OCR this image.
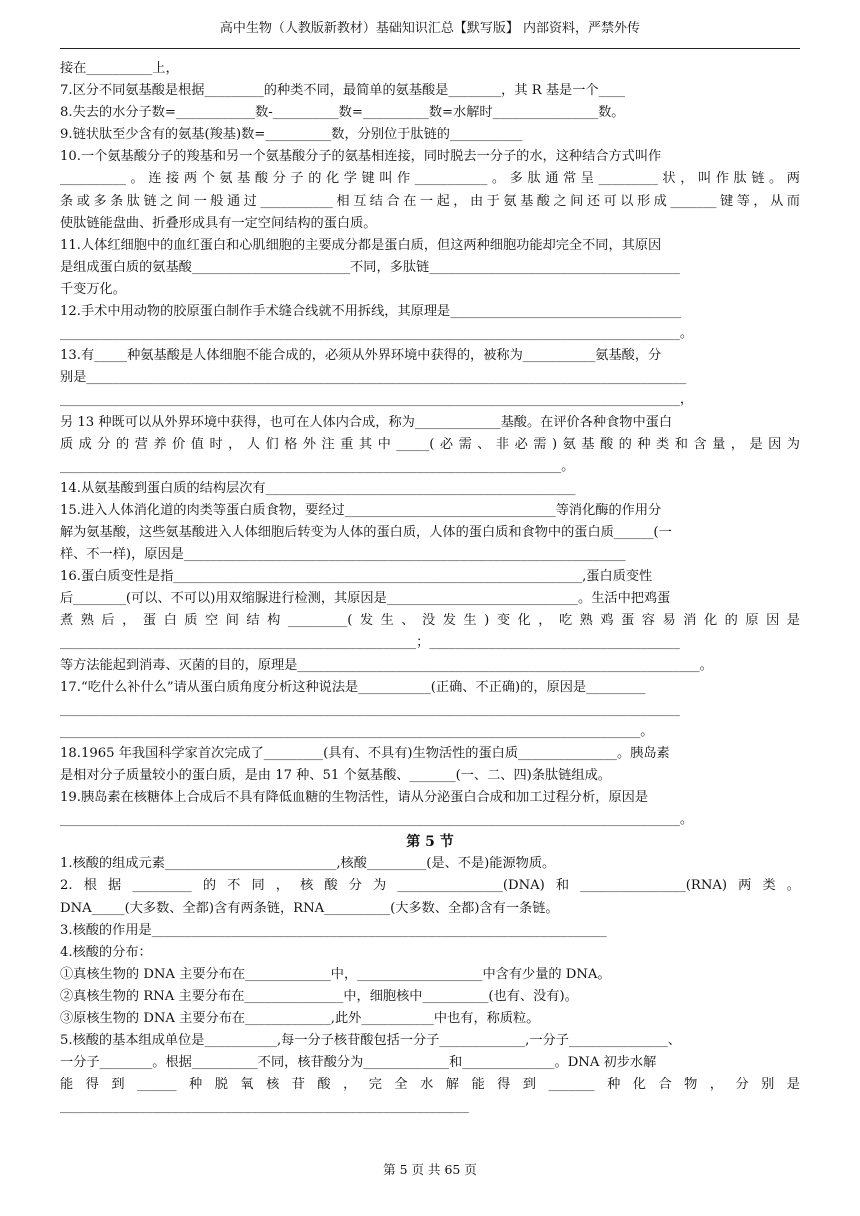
高中生物（人教版新教材）基础知识汇总【默写版】 内部资料，严禁外传
接在__________上，
7.区分不同氨基酸是根据_________的种类不同，最简单的氨基酸是________，其 R 基是一个____
8.失去的水分子数=____________数-__________数=__________数=水解时________________数。
9.链状肽至少含有的氨基(羧基)数=__________数，分别位于肽链的___________
10.一个氨基酸分子的羧基和另一个氨基酸分子的氨基相连接，同时脱去一分子的水，这种结合方式叫作
__________。连接两个氨基酸分子的化学键叫作___________。多肽通常呈_________状，叫作肽链。两
条或多条肽链之间一般通过___________相互结合在一起，由于氨基酸之间还可以形成_______键等，从而
使肽链能盘曲、折叠形成具有一定空间结构的蛋白质。
11.人体红细胞中的血红蛋白和心肌细胞的主要成分都是蛋白质，但这两种细胞功能却完全不同，其原因
是组成蛋白质的氨基酸________________________不同，多肽链______________________________________
千变万化。
12.手术中用动物的胶原蛋白制作手术缝合线就不用拆线，其原理是___________________________________
______________________________________________________________________________________________。
13.有_____种氨基酸是人体细胞不能合成的，必须从外界环境中获得的，被称为___________氨基酸，分
别是___________________________________________________________________________________________
______________________________________________________________________________________________，
另 13 种既可以从外界环境中获得，也可在人体内合成，称为_____________基酸。在评价各种食物中蛋白
质成分的营养价值时，人们格外注重其中_____(必需、非必需)氨基酸的种类和含量，是因为
____________________________________________________________________________。
14.从氨基酸到蛋白质的结构层次有_______________________________________________
15.进入人体消化道的肉类等蛋白质食物，要经过________________________________等消化酶的作用分
解为氨基酸，这些氨基酸进入人体细胞后转变为人体的蛋白质，人体的蛋白质和食物中的蛋白质______(一
样、不一样)，原因是___________________________________________________________________
16.蛋白质变性是指______________________________________________________________,蛋白质变性
后________(可以、不可以)用双缩脲进行检测，其原因是_____________________________。生活中把鸡蛋
煮熟后，蛋白质空间结构_________(发生、没发生)变化，吃熟鸡蛋容易消化的原因是
______________________________________________________；______________________________________
等方法能起到消毒、灭菌的目的，原理是_____________________________________________________________。
17.“吃什么补什么”请从蛋白质角度分析这种说法是___________(正确、不正确)的，原因是_________
______________________________________________________________________________________________
________________________________________________________________________________________。
18.1965 年我国科学家首次完成了_________(具有、不具有)生物活性的蛋白质_______________。胰岛素
是相对分子质量较小的蛋白质，是由 17 种、51 个氨基酸、_______(一、二、四)条肽链组成。
19.胰岛素在核糖体上合成后不具有降低血糖的生物活性，请从分泌蛋白合成和加工过程分析，原因是
______________________________________________________________________________________________。
第 5 节
1.核酸的组成元素__________________________,核酸_________(是、不是)能源物质。
2.根据_________的不同，核酸分为________________(DNA)和________________(RNA)两类。
DNA_____(大多数、全都)含有两条链，RNA__________(大多数、全都)含有一条链。
3.核酸的作用是_____________________________________________________________________
4.核酸的分布：
①真核生物的 DNA 主要分布在_____________中，___________________中含有少量的 DNA。
②真核生物的 RNA 主要分布在_______________中，细胞核中__________(也有、没有)。
③原核生物的 DNA 主要分布在_____________,此外___________中也有，称质粒。
5.核酸的基本组成单位是___________,每一分子核苷酸包括一分子_____________,一分子_______________、
一分子________。根据__________不同，核苷酸分为_____________和______________。DNA 初步水解
能得到______种脱氧核苷酸，完全水解能得到_______种化合物，分别是
______________________________________________________________
第 5 页 共 65 页
